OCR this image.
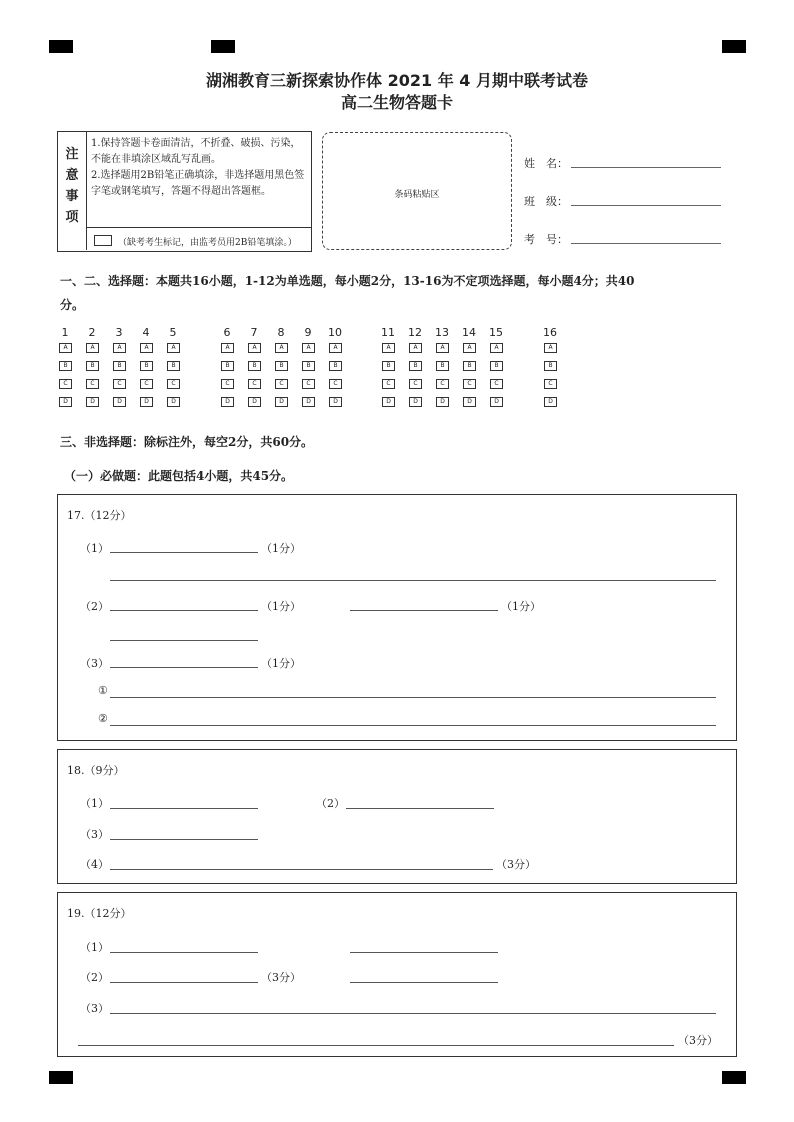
湖湘教育三新探索协作体 2021 年 4 月期中联考试卷
高二生物答题卡
注
意
事
项
1.保持答题卡卷面清洁，不折叠、破损、污染，不能在非填涂区域乱写乱画。
2.选择题用2B铅笔正确填涂，非选择题用黑色签字笔或钢笔填写，答题不得超出答题框。
（缺考考生标记，由监考员用2B铅笔填涂。）
条码粘贴区
姓　名：
班　级：
考　号：
一、二、选择题：本题共16小题，1-12为单选题，每小题2分，13-16为不定项选择题，每小题4分；共40
分。
1
A
B
C
D
2
A
B
C
D
3
A
B
C
D
4
A
B
C
D
5
A
B
C
D
6
A
B
C
D
7
A
B
C
D
8
A
B
C
D
9
A
B
C
D
10
A
B
C
D
11
A
B
C
D
12
A
B
C
D
13
A
B
C
D
14
A
B
C
D
15
A
B
C
D
16
A
B
C
D
三、非选择题：除标注外，每空2分，共60分。
（一）必做题：此题包括4小题，共45分。
17.（12分）
（1）	（1分）
（2）	（1分）	（1分）
（3）	（1分）
①
②
18.（9分）
（1）	（2）
（3）
（4）	（3分）
19.（12分）
（1）
（2）	（3分）
（3）
（3分）
